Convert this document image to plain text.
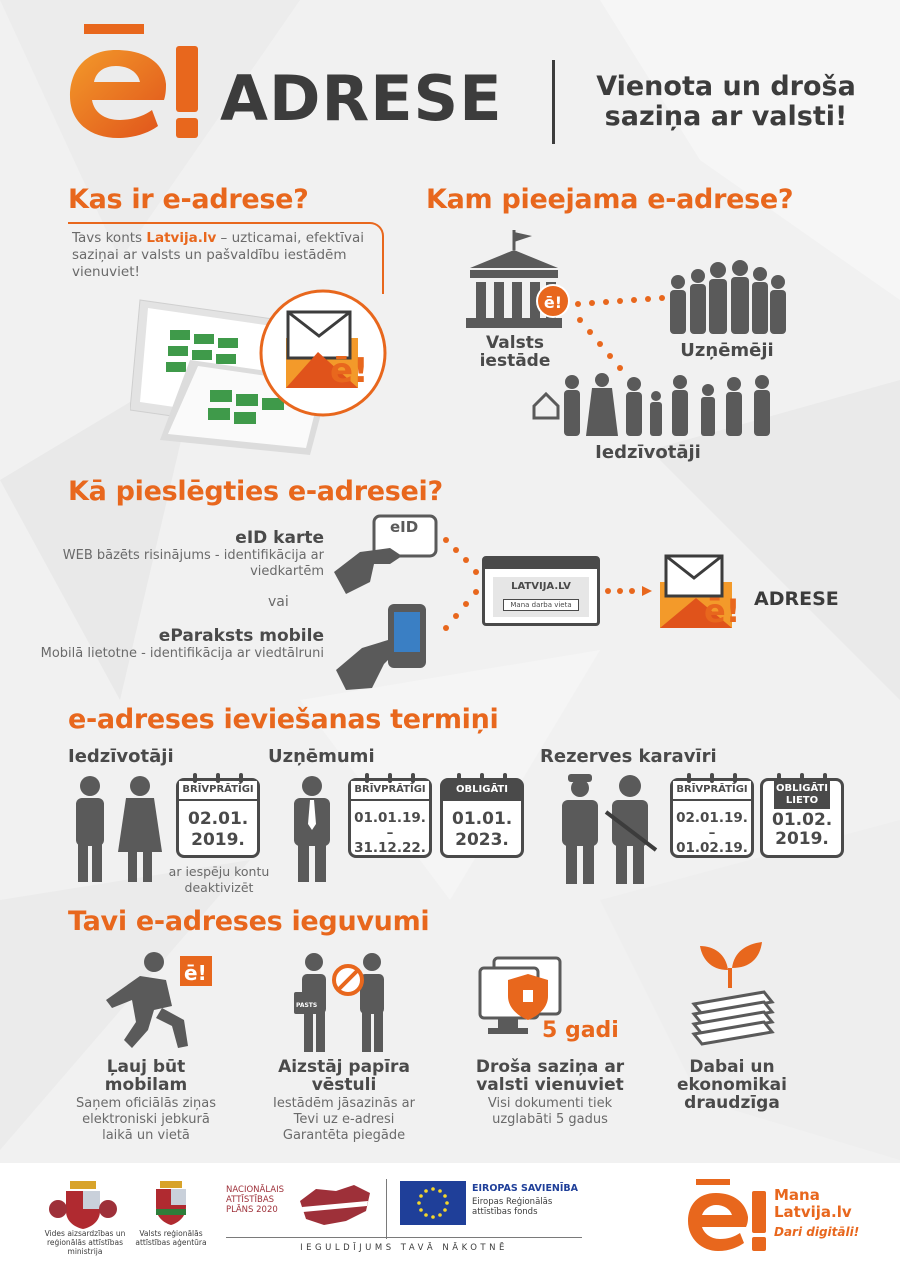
ADRESE	Vienota un droša
saziņa ar valsti!
Kas ir e-adrese?
Tavs konts Latvija.lv – uzticamai, efektīvai saziņai ar valsts un pašvaldību iestādēm vienuviet!
ē!
Kam pieejama e-adrese?
ē!
Valsts iestāde	Uzņēmēji
Iedzīvotāji
Kā pieslēgties e-adresei?
eID karte
WEB bāzēts risinājums - identifikācija ar viedkartēm
vai
eParaksts mobile
Mobilā lietotne - identifikācija ar viedtālruni
eID
LATVIJA.LV
Mana darba vieta	ē! ADRESE
e-adreses ieviešanas termiņi
Iedzīvotāji
BRĪVPRĀTĪGI
02.01. 2019.
ar iespēju kontu deaktivizēt
Uzņēmumi
BRĪVPRĀTĪGI
01.01.19.
–
31.12.22.
OBLIGĀTI
01.01. 2023.
Rezerves karavīri
BRĪVPRĀTĪGI
02.01.19.
–
01.02.19.
OBLIGĀTI LIETO
01.02. 2019.
Tavi e-adreses ieguvumi
ē!
Ļauj būt mobilam
Saņem oficiālās ziņas elektroniski jebkurā laikā un vietā
PASTS
Aizstāj papīra vēstuli
Iestādēm jāsazinās ar Tevi uz e-adresi Garantēta piegāde
5 gadi
Droša saziņa ar valsti vienuviet
Visi dokumenti tiek uzglabāti 5 gadus
Dabai un ekonomikai draudzīga
Vides aizsardzības un reģionālās attīstības ministrija
Valsts reģionālās attīstības aģentūra
NACIONĀLAIS ATTĪSTĪBAS PLĀNS 2020
EIROPAS SAVIENĪBA
Eiropas Reģionālās attīstības fonds
IEGULDĪJUMS TAVĀ NĀKOTNĒ
Mana
Latvija.lv
Dari digitāli!
